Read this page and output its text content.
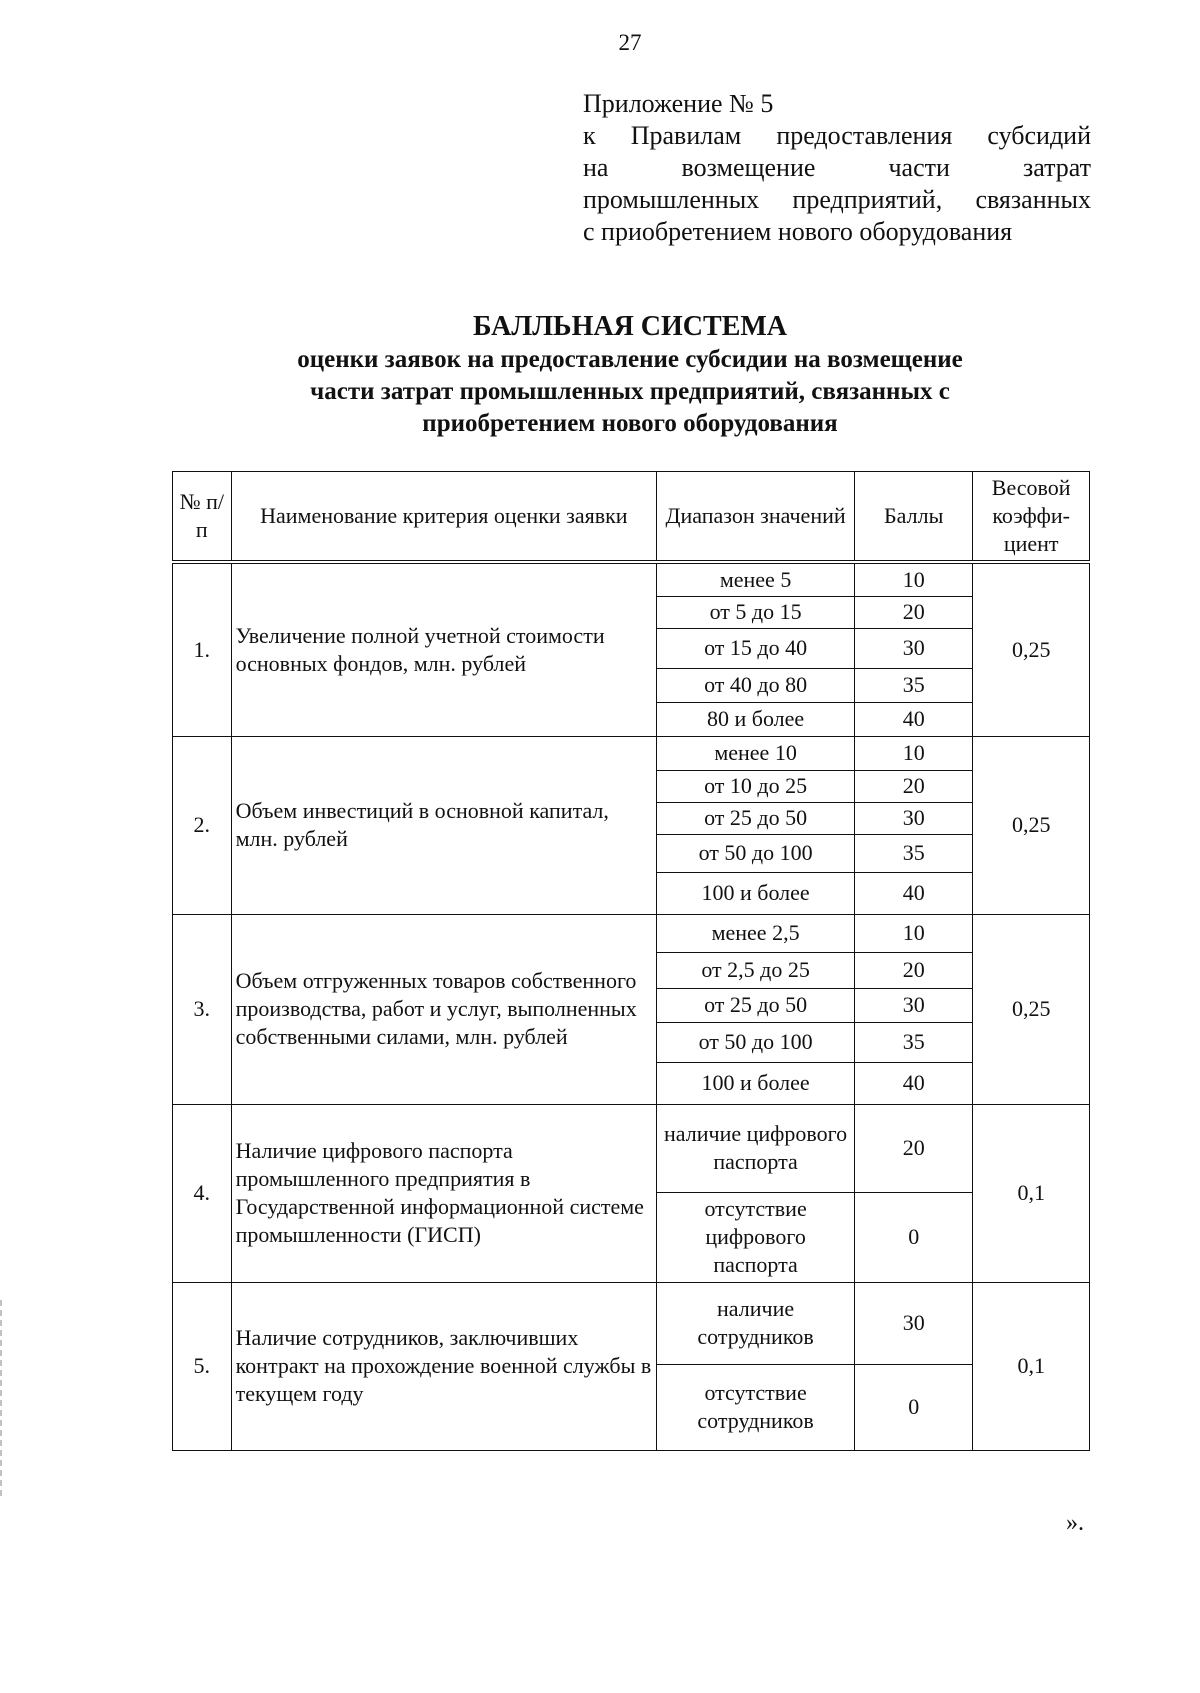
27
Приложение № 5
к Правилам предоставления субсидий
на возмещение части затрат
промышленных предприятий, связанных
с приобретением нового оборудования
БАЛЛЬНАЯ СИСТЕМА
оценки заявок на предоставление субсидии на возмещение
части затрат промышленных предприятий, связанных с
приобретением нового оборудования
№ п/п	Наименование критерия оценки заявки	Диапазон значений	Баллы	Весовой коэффи-циент
1.	Увеличение полной учетной стоимости основных фондов, млн. рублей	менее 5	10	0,25
		от 5 до 15	20	
		от 15 до 40	30	
		от 40 до 80	35	
		80 и более	40	
2.	Объем инвестиций в основной капитал, млн. рублей	менее 10	10	0,25
		от 10 до 25	20	
		от 25 до 50	30	
		от 50 до 100	35	
		100 и более	40	
3.	Объем отгруженных товаров собственного производства, работ и услуг, выполненных собственными силами, млн. рублей	менее 2,5	10	0,25
		от 2,5 до 25	20	
		от 25 до 50	30	
		от 50 до 100	35	
		100 и более	40	
4.	Наличие цифрового паспорта промышленного предприятия в Государственной информационной системе промышленности (ГИСП)	наличие цифрового паспорта	20	0,1
		отсутствие цифрового паспорта	0	
5.	Наличие сотрудников, заключивших контракт на прохождение военной службы в текущем году	наличие сотрудников	30	0,1
		отсутствие сотрудников	0	
».
